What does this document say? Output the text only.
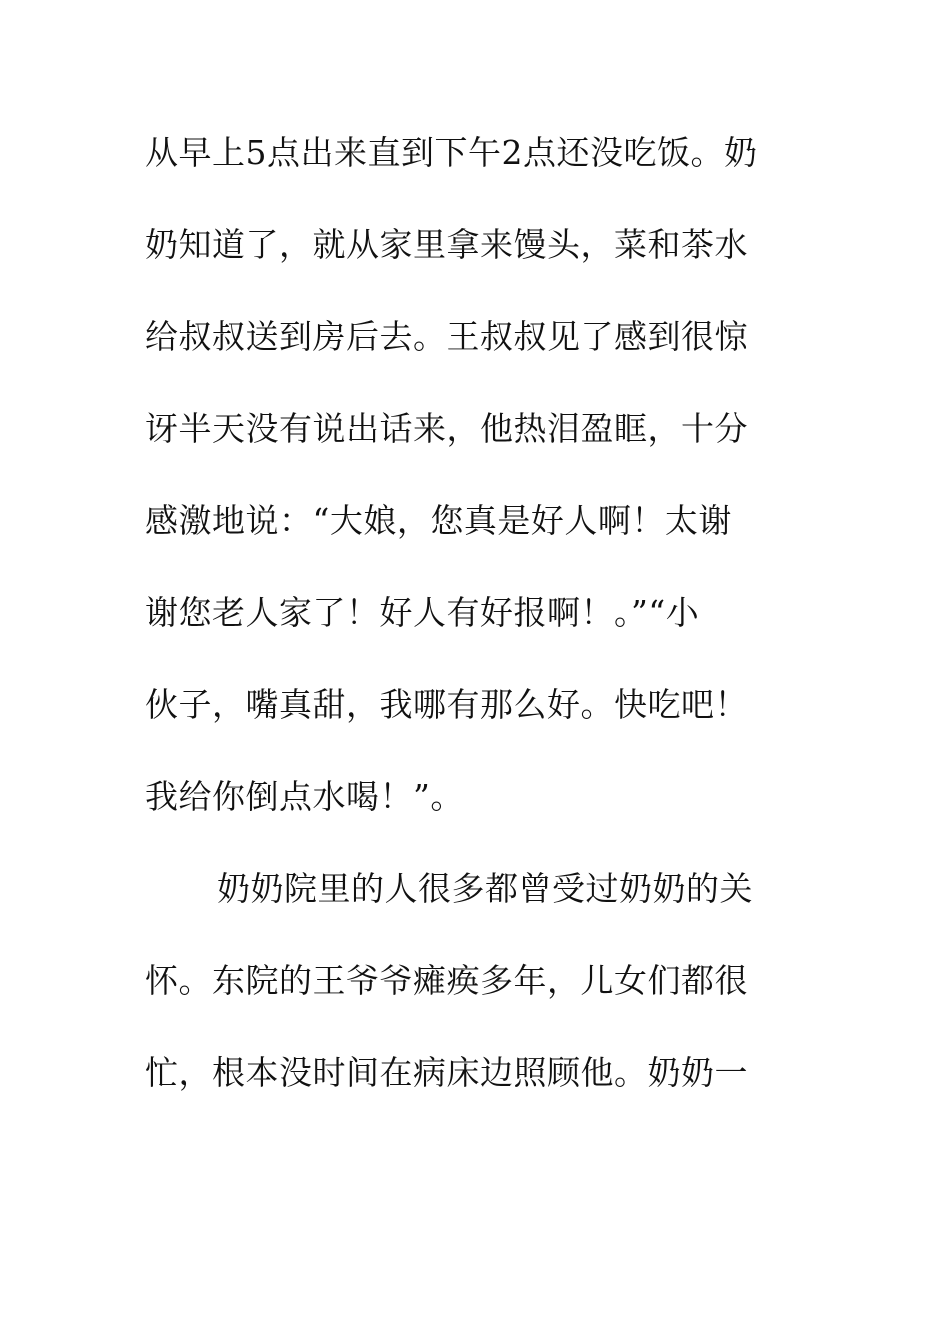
从早上5点出来直到下午2点还没吃饭。奶
奶知道了，就从家里拿来馒头，菜和茶水
给叔叔送到房后去。王叔叔见了感到很惊
讶半天没有说出话来，他热泪盈眶，十分
感激地说：“大娘，您真是好人啊！太谢
谢您老人家了！好人有好报啊！。”“小
伙子，嘴真甜，我哪有那么好。快吃吧！
我给你倒点水喝！”。
奶奶院里的人很多都曾受过奶奶的关
怀。东院的王爷爷瘫痪多年，儿女们都很
忙，根本没时间在病床边照顾他。奶奶一
